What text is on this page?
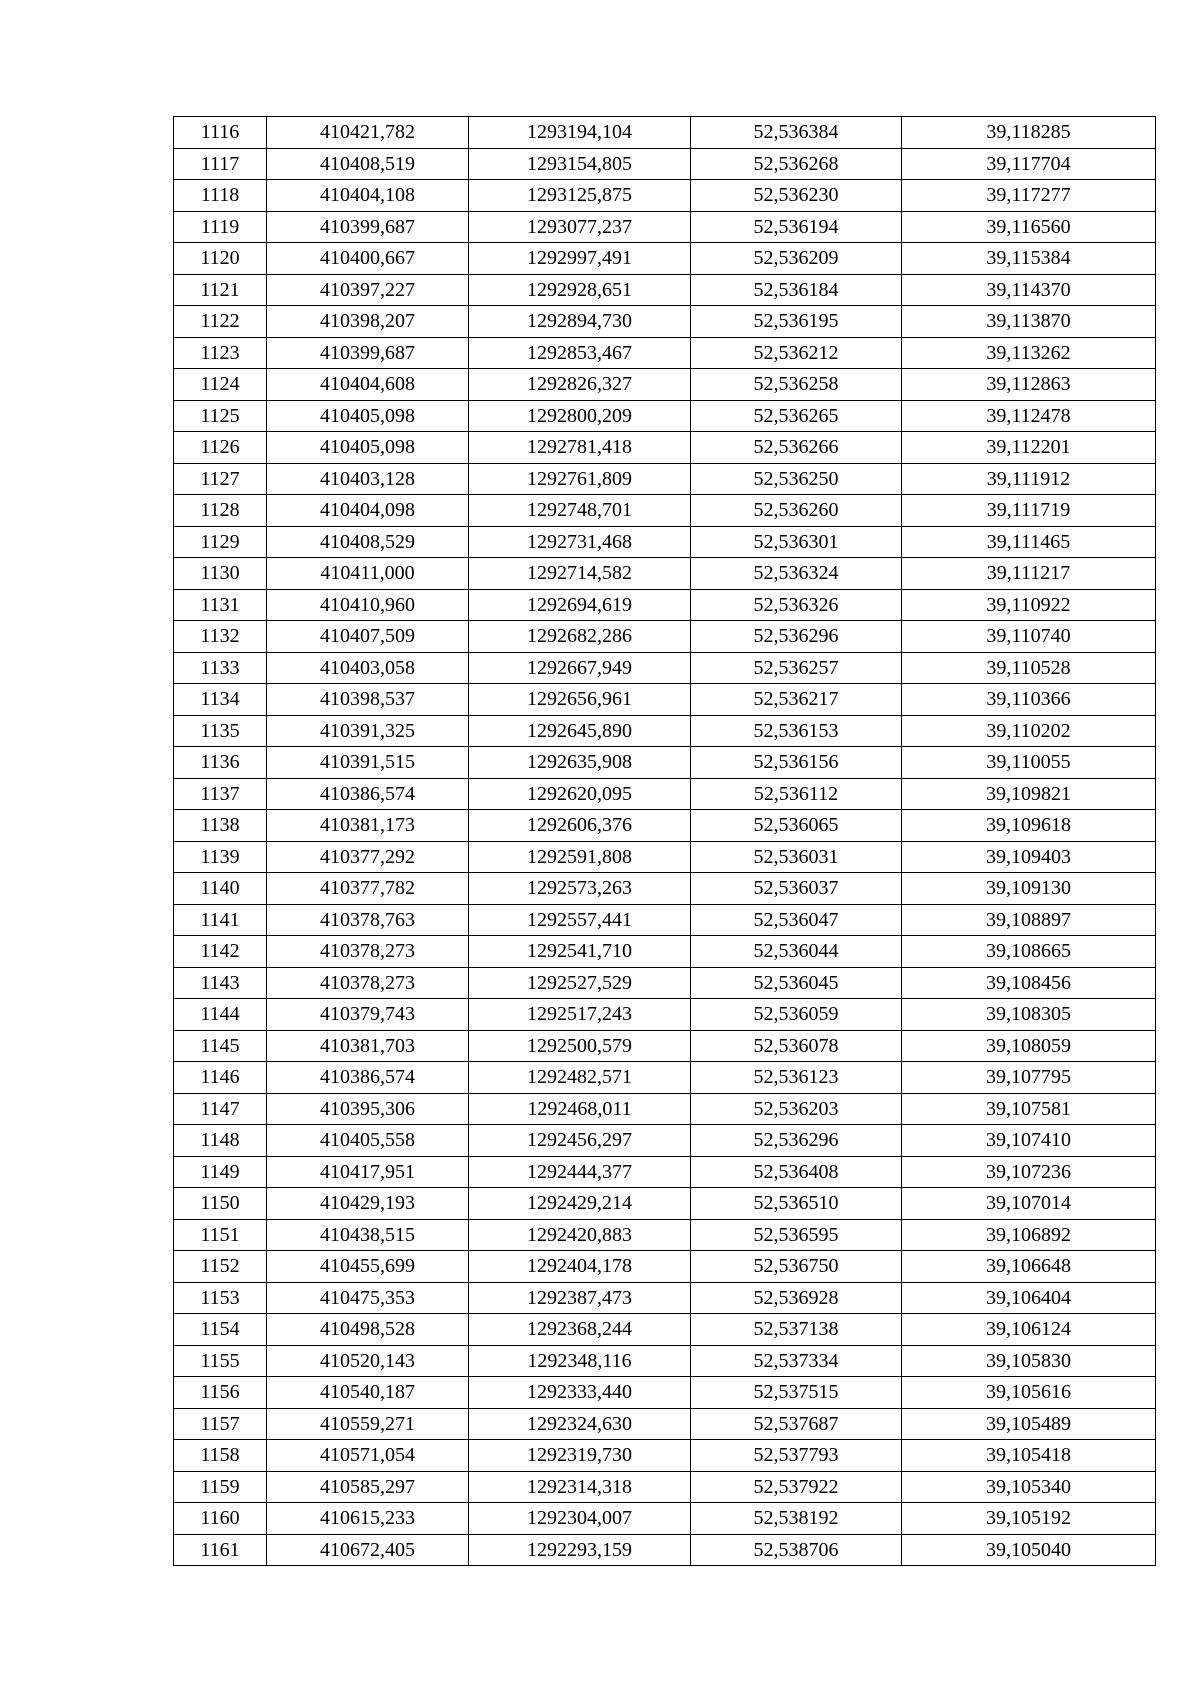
1116	410421,782	1293194,104	52,536384	39,118285
1117	410408,519	1293154,805	52,536268	39,117704
1118	410404,108	1293125,875	52,536230	39,117277
1119	410399,687	1293077,237	52,536194	39,116560
1120	410400,667	1292997,491	52,536209	39,115384
1121	410397,227	1292928,651	52,536184	39,114370
1122	410398,207	1292894,730	52,536195	39,113870
1123	410399,687	1292853,467	52,536212	39,113262
1124	410404,608	1292826,327	52,536258	39,112863
1125	410405,098	1292800,209	52,536265	39,112478
1126	410405,098	1292781,418	52,536266	39,112201
1127	410403,128	1292761,809	52,536250	39,111912
1128	410404,098	1292748,701	52,536260	39,111719
1129	410408,529	1292731,468	52,536301	39,111465
1130	410411,000	1292714,582	52,536324	39,111217
1131	410410,960	1292694,619	52,536326	39,110922
1132	410407,509	1292682,286	52,536296	39,110740
1133	410403,058	1292667,949	52,536257	39,110528
1134	410398,537	1292656,961	52,536217	39,110366
1135	410391,325	1292645,890	52,536153	39,110202
1136	410391,515	1292635,908	52,536156	39,110055
1137	410386,574	1292620,095	52,536112	39,109821
1138	410381,173	1292606,376	52,536065	39,109618
1139	410377,292	1292591,808	52,536031	39,109403
1140	410377,782	1292573,263	52,536037	39,109130
1141	410378,763	1292557,441	52,536047	39,108897
1142	410378,273	1292541,710	52,536044	39,108665
1143	410378,273	1292527,529	52,536045	39,108456
1144	410379,743	1292517,243	52,536059	39,108305
1145	410381,703	1292500,579	52,536078	39,108059
1146	410386,574	1292482,571	52,536123	39,107795
1147	410395,306	1292468,011	52,536203	39,107581
1148	410405,558	1292456,297	52,536296	39,107410
1149	410417,951	1292444,377	52,536408	39,107236
1150	410429,193	1292429,214	52,536510	39,107014
1151	410438,515	1292420,883	52,536595	39,106892
1152	410455,699	1292404,178	52,536750	39,106648
1153	410475,353	1292387,473	52,536928	39,106404
1154	410498,528	1292368,244	52,537138	39,106124
1155	410520,143	1292348,116	52,537334	39,105830
1156	410540,187	1292333,440	52,537515	39,105616
1157	410559,271	1292324,630	52,537687	39,105489
1158	410571,054	1292319,730	52,537793	39,105418
1159	410585,297	1292314,318	52,537922	39,105340
1160	410615,233	1292304,007	52,538192	39,105192
1161	410672,405	1292293,159	52,538706	39,105040
